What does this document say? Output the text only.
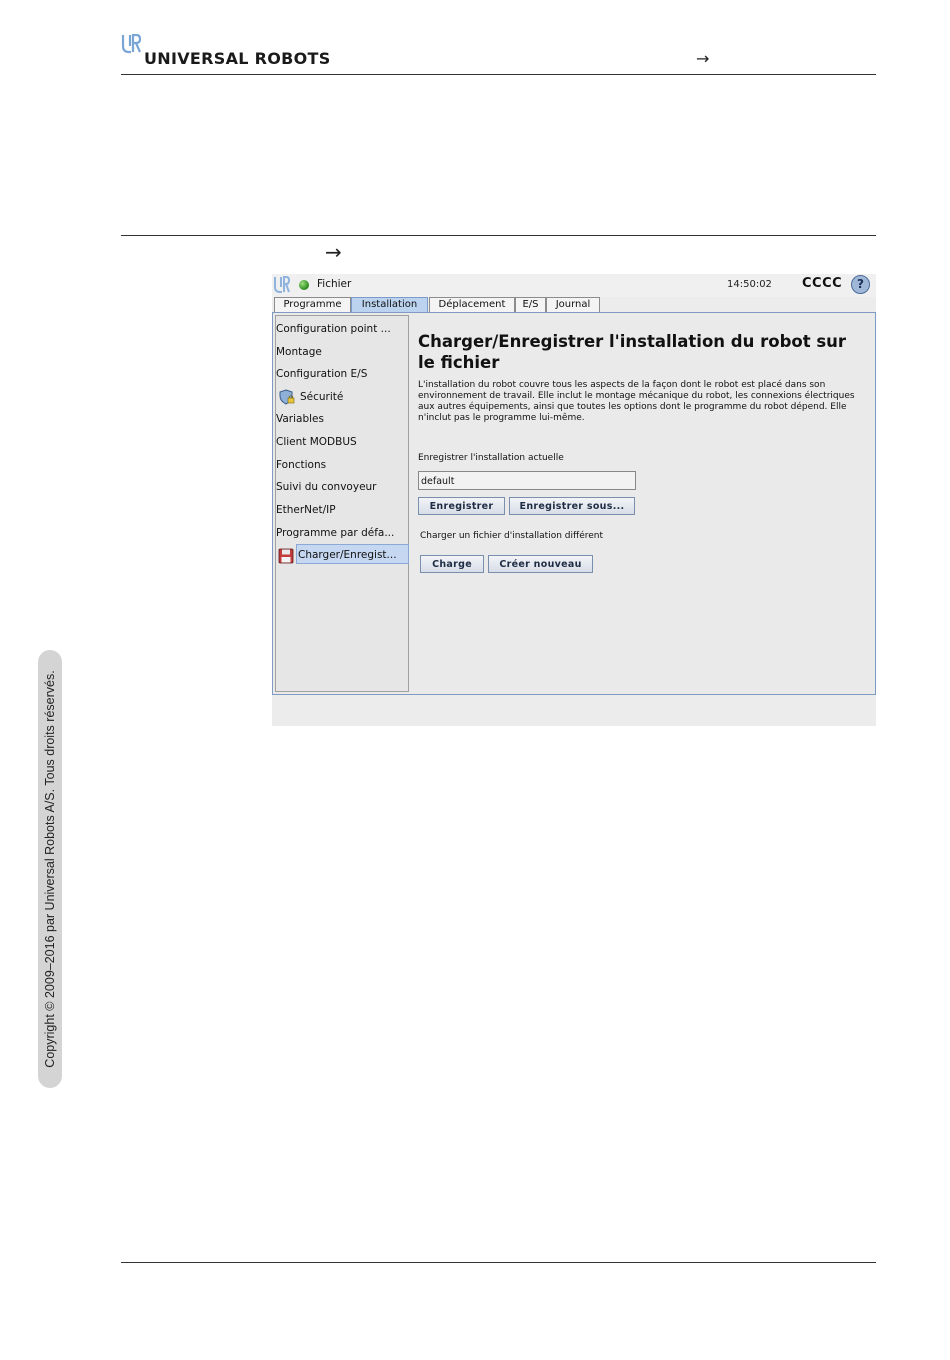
UNIVERSAL ROBOTS	→
→
Copyright © 2009–2016 par Universal Robots A/S. Tous droits réservés.
Fichier	14:50:02 CCCC	?
Programme	Installation	Déplacement	E/S	Journal
Configuration point ...
Montage
Configuration E/S
Sécurité
Variables
Client MODBUS
Fonctions
Suivi du convoyeur
EtherNet/IP
Programme par défa...
Charger/Enregist...
Charger/Enregistrer l'installation du robot sur le fichier
L'installation du robot couvre tous les aspects de la façon dont le robot est placé dans son environnement de travail. Elle inclut le montage mécanique du robot, les connexions électriques aux autres équipements, ainsi que toutes les options dont le programme du robot dépend. Elle n'inclut pas le programme lui-même.
Enregistrer l'installation actuelle
default
Enregistrer	Enregistrer sous...
Charger un fichier d'installation différent
Charge	Créer nouveau
